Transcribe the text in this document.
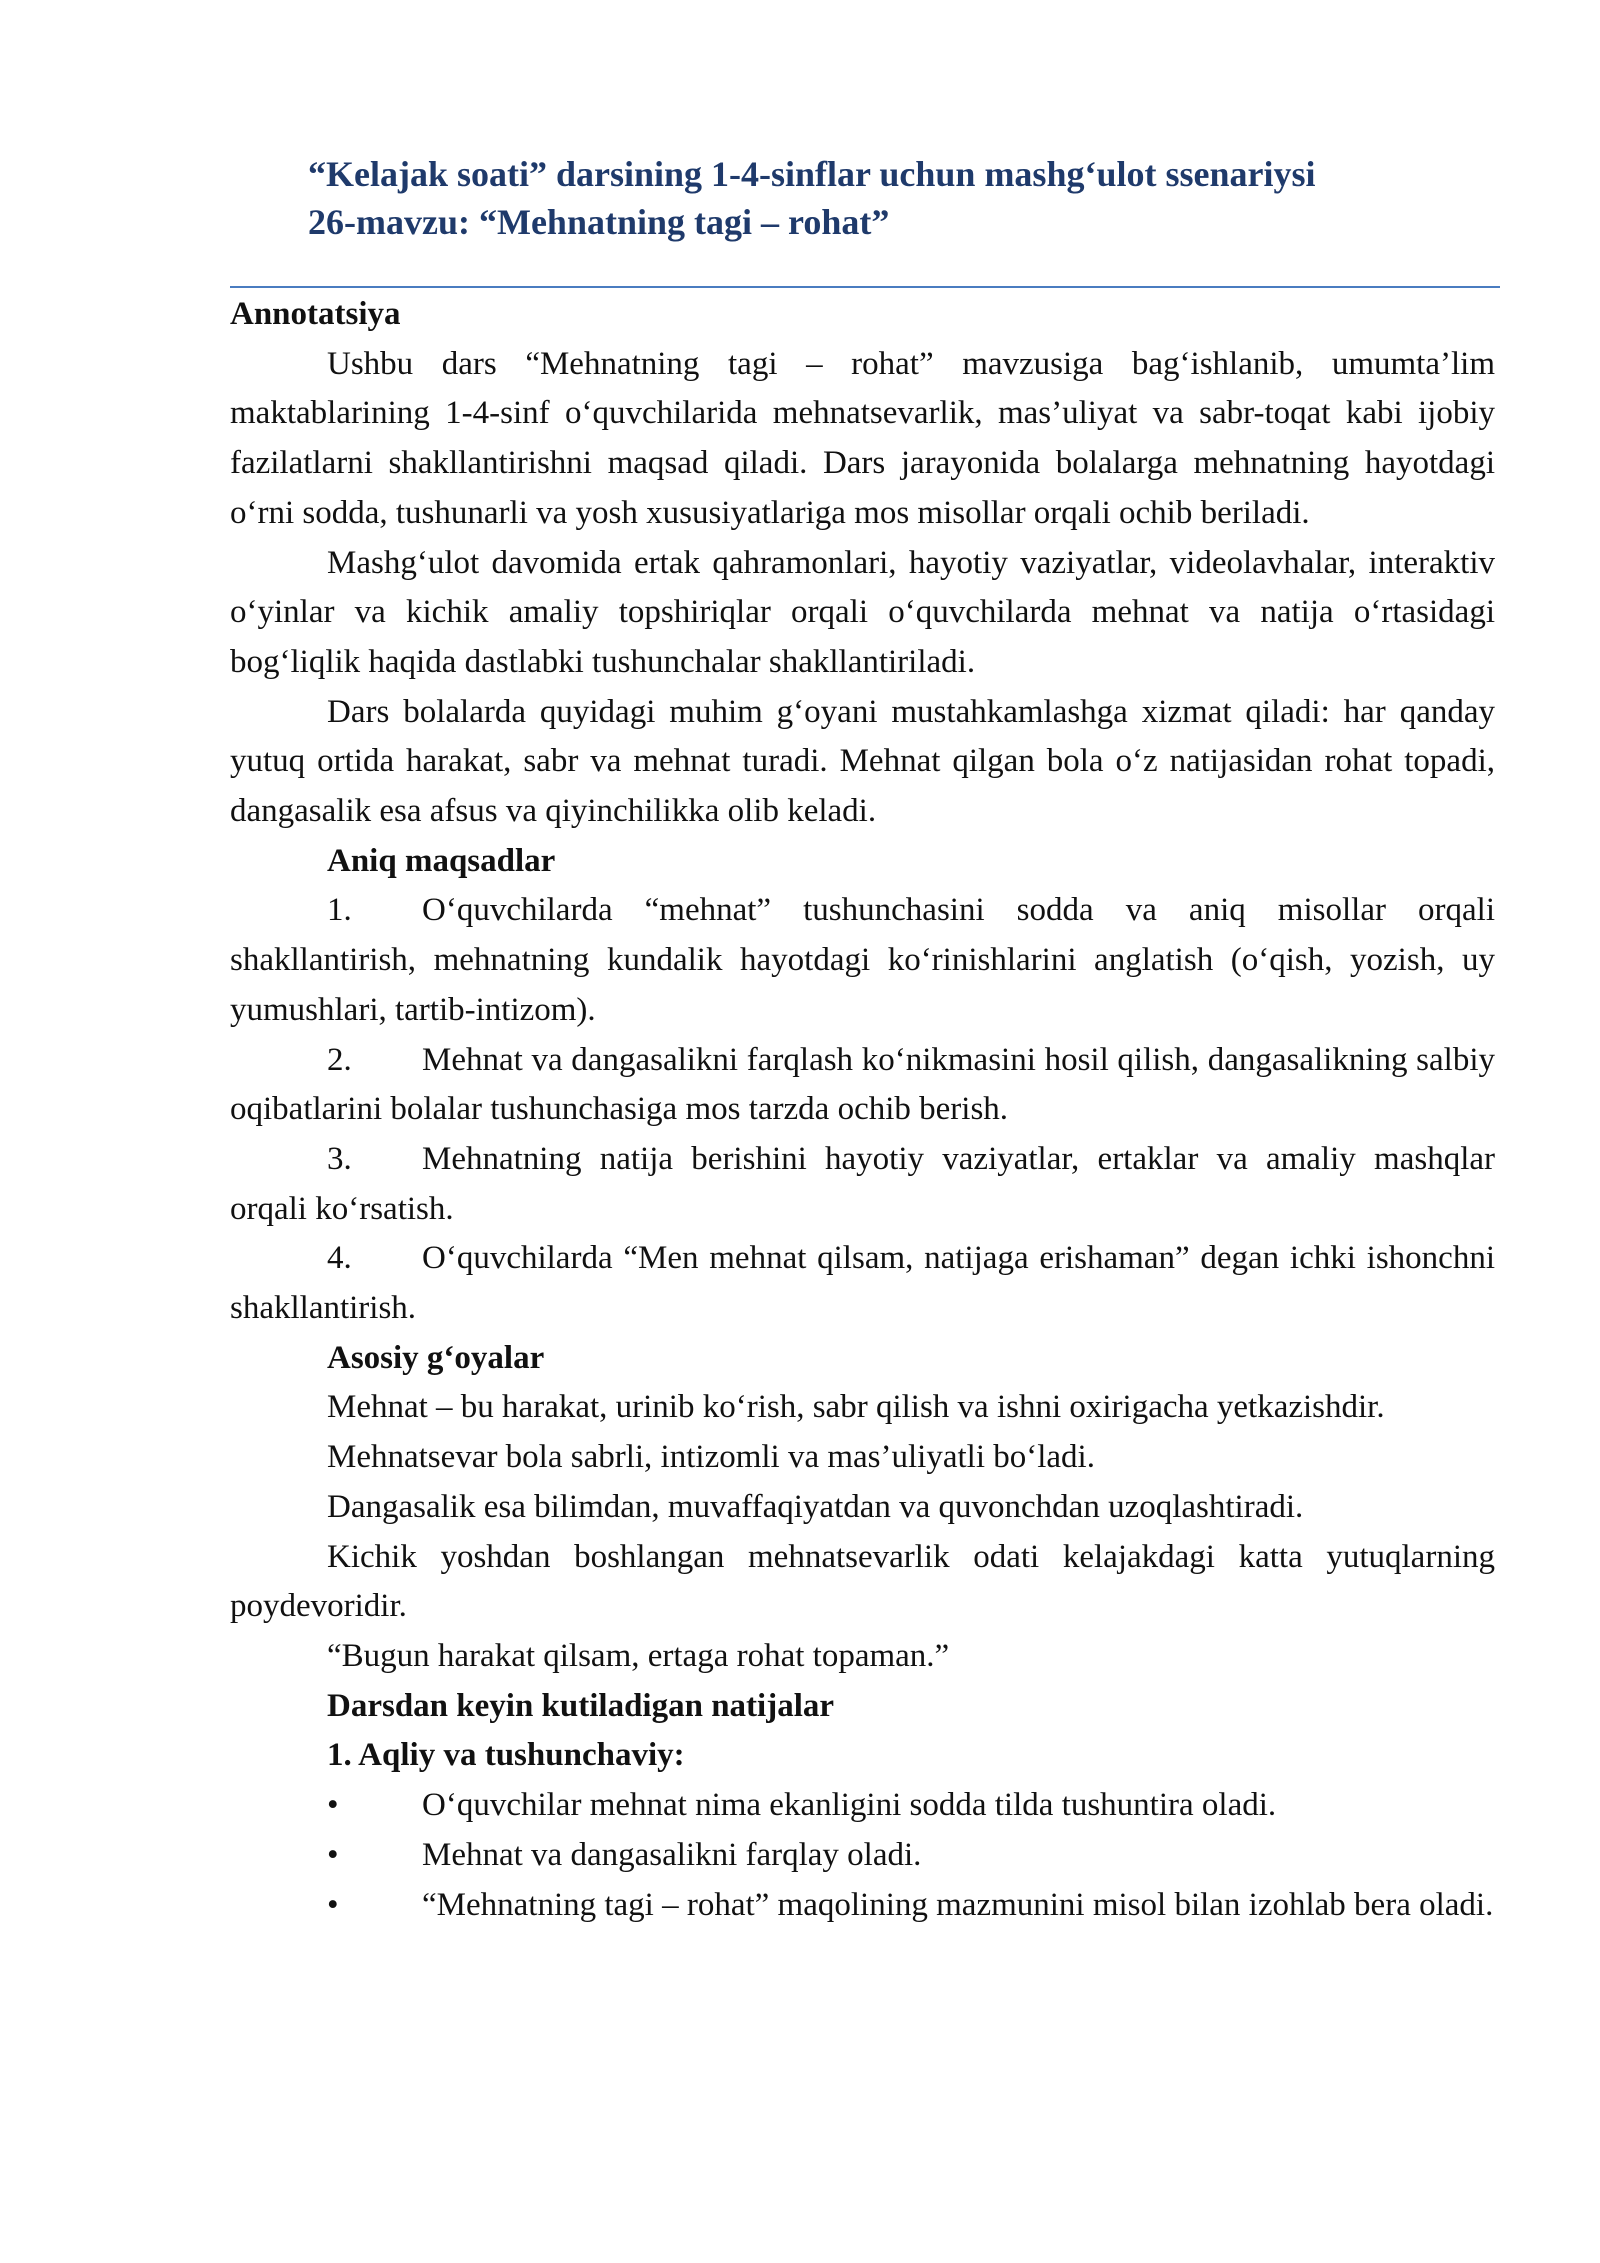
“Kelajak soati” darsining 1-4-sinflar uchun mashg‘ulot ssenariysi

26-mavzu: “Mehnatning tagi – rohat”

Annotatsiya

Ushbu dars “Mehnatning tagi – rohat” mavzusiga bag‘ishlanib, umumta’lim maktablarining 1-4-sinf o‘quvchilarida mehnatsevarlik, mas’uliyat va sabr-toqat kabi ijobiy fazilatlarni shakllantirishni maqsad qiladi. Dars jarayonida bolalarga mehnatning hayotdagi o‘rni sodda, tushunarli va yosh xususiyatlariga mos misollar orqali ochib beriladi.

Mashg‘ulot davomida ertak qahramonlari, hayotiy vaziyatlar, videolavhalar, interaktiv o‘yinlar va kichik amaliy topshiriqlar orqali o‘quvchilarda mehnat va natija o‘rtasidagi bog‘liqlik haqida dastlabki tushunchalar shakllantiriladi.

Dars bolalarda quyidagi muhim g‘oyani mustahkamlashga xizmat qiladi: har qanday yutuq ortida harakat, sabr va mehnat turadi. Mehnat qilgan bola o‘z natijasidan rohat topadi, dangasalik esa afsus va qiyinchilikka olib keladi.

Aniq maqsadlar

1. O‘quvchilarda “mehnat” tushunchasini sodda va aniq misollar orqali shakllantirish, mehnatning kundalik hayotdagi ko‘rinishlarini anglatish (o‘qish, yozish, uy yumushlari, tartib-intizom).

2. Mehnat va dangasalikni farqlash ko‘nikmasini hosil qilish, dangasalikning salbiy oqibatlarini bolalar tushunchasiga mos tarzda ochib berish.

3. Mehnatning natija berishini hayotiy vaziyatlar, ertaklar va amaliy mashqlar orqali ko‘rsatish.

4. O‘quvchilarda “Men mehnat qilsam, natijaga erishaman” degan ichki ishonchni shakllantirish.

Asosiy g‘oyalar

Mehnat – bu harakat, urinib ko‘rish, sabr qilish va ishni oxirigacha yetkazishdir.

Mehnatsevar bola sabrli, intizomli va mas’uliyatli bo‘ladi.

Dangasalik esa bilimdan, muvaffaqiyatdan va quvonchdan uzoqlashtiradi.

Kichik yoshdan boshlangan mehnatsevarlik odati kelajakdagi katta yutuqlarning poydevoridir.

“Bugun harakat qilsam, ertaga rohat topaman.”

Darsdan keyin kutiladigan natijalar

1. Aqliy va tushunchaviy:

•	O‘quvchilar mehnat nima ekanligini sodda tilda tushuntira oladi.

•	Mehnat va dangasalikni farqlay oladi.

•	“Mehnatning tagi – rohat” maqolining mazmunini misol bilan izohlab bera oladi.
